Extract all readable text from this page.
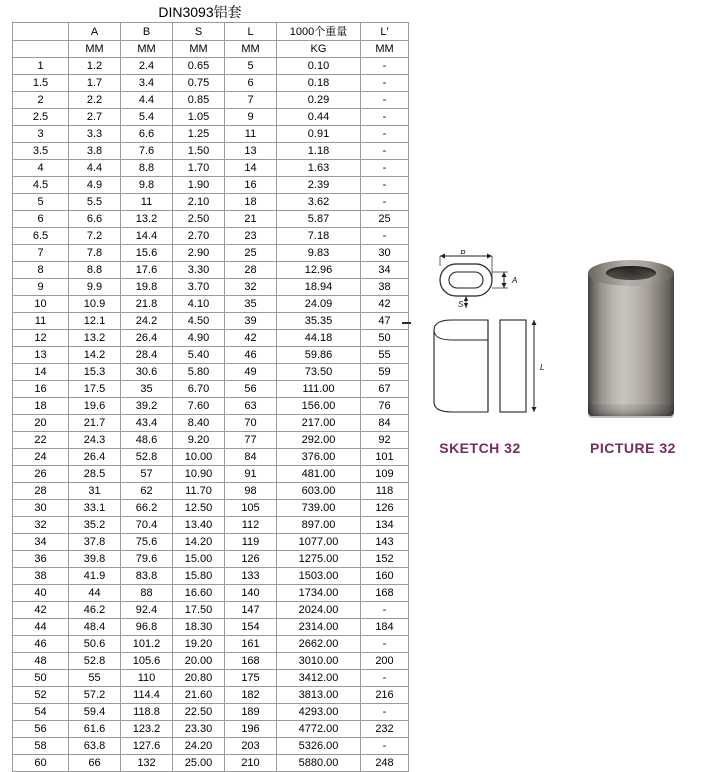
DIN3093铝套
	A	B	S	L	1000个重量	L'
	MM	MM	MM	MM	KG	MM
1	1.2	2.4	0.65	5	0.10	-
1.5	1.7	3.4	0.75	6	0.18	-
2	2.2	4.4	0.85	7	0.29	-
2.5	2.7	5.4	1.05	9	0.44	-
3	3.3	6.6	1.25	11	0.91	-
3.5	3.8	7.6	1.50	13	1.18	-
4	4.4	8.8	1.70	14	1.63	-
4.5	4.9	9.8	1.90	16	2.39	-
5	5.5	11	2.10	18	3.62	-
6	6.6	13.2	2.50	21	5.87	25
6.5	7.2	14.4	2.70	23	7.18	-
7	7.8	15.6	2.90	25	9.83	30
8	8.8	17.6	3.30	28	12.96	34
9	9.9	19.8	3.70	32	18.94	38
10	10.9	21.8	4.10	35	24.09	42
11	12.1	24.2	4.50	39	35.35	47
12	13.2	26.4	4.90	42	44.18	50
13	14.2	28.4	5.40	46	59.86	55
14	15.3	30.6	5.80	49	73.50	59
16	17.5	35	6.70	56	111.00	67
18	19.6	39.2	7.60	63	156.00	76
20	21.7	43.4	8.40	70	217.00	84
22	24.3	48.6	9.20	77	292.00	92
24	26.4	52.8	10.00	84	376.00	101
26	28.5	57	10.90	91	481.00	109
28	31	62	11.70	98	603.00	118
30	33.1	66.2	12.50	105	739.00	126
32	35.2	70.4	13.40	112	897.00	134
34	37.8	75.6	14.20	119	1077.00	143
36	39.8	79.6	15.00	126	1275.00	152
38	41.9	83.8	15.80	133	1503.00	160
40	44	88	16.60	140	1734.00	168
42	46.2	92.4	17.50	147	2024.00	-
44	48.4	96.8	18.30	154	2314.00	184
46	50.6	101.2	19.20	161	2662.00	-
48	52.8	105.6	20.00	168	3010.00	200
50	55	110	20.80	175	3412.00	-
52	57.2	114.4	21.60	182	3813.00	216
54	59.4	118.8	22.50	189	4293.00	-
56	61.6	123.2	23.30	196	4772.00	232
58	63.8	127.6	24.20	203	5326.00	-
60	66	132	25.00	210	5880.00	248
B
A
S
L
SKETCH 32	PICTURE 32
